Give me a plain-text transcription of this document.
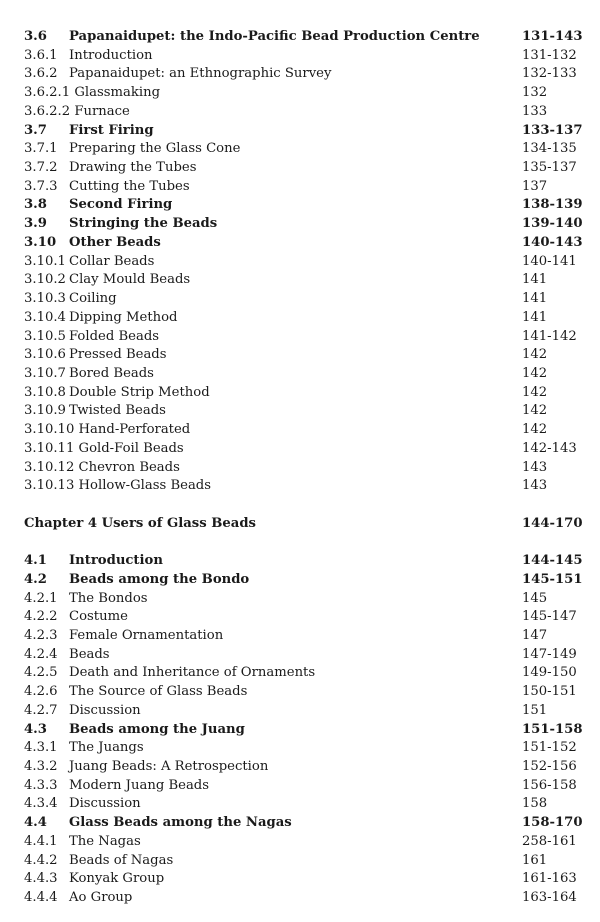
3.6 Papanaidupet: the Indo-Pacific Bead Production Centre	131-143
3.6.1 Introduction	131-132
3.6.2 Papanaidupet: an Ethnographic Survey	132-133
3.6.2.1 Glassmaking	132
3.6.2.2 Furnace	133
3.7 First Firing	133-137
3.7.1 Preparing the Glass Cone	134-135
3.7.2 Drawing the Tubes	135-137
3.7.3 Cutting the Tubes	137
3.8 Second Firing	138-139
3.9 Stringing the Beads	139-140
3.10 Other Beads	140-143
3.10.1 Collar Beads	140-141
3.10.2 Clay Mould Beads	141
3.10.3 Coiling	141
3.10.4 Dipping Method	141
3.10.5 Folded Beads	141-142
3.10.6 Pressed Beads	142
3.10.7 Bored Beads	142
3.10.8 Double Strip Method	142
3.10.9 Twisted Beads	142
3.10.10 Hand-Perforated	142
3.10.11 Gold-Foil Beads	142-143
3.10.12 Chevron Beads	143
3.10.13 Hollow-Glass Beads	143
Chapter 4 Users of Glass Beads	144-170
4.1 Introduction	144-145
4.2 Beads among the Bondo	145-151
4.2.1 The Bondos	145
4.2.2 Costume	145-147
4.2.3 Female Ornamentation	147
4.2.4 Beads	147-149
4.2.5 Death and Inheritance of Ornaments	149-150
4.2.6 The Source of Glass Beads	150-151
4.2.7 Discussion	151
4.3 Beads among the Juang	151-158
4.3.1 The Juangs	151-152
4.3.2 Juang Beads: A Retrospection	152-156
4.3.3 Modern Juang Beads	156-158
4.3.4 Discussion	158
4.4 Glass Beads among the Nagas	158-170
4.4.1 The Nagas	258-161
4.4.2 Beads of Nagas	161
4.4.3 Konyak Group	161-163
4.4.4 Ao Group	163-164
